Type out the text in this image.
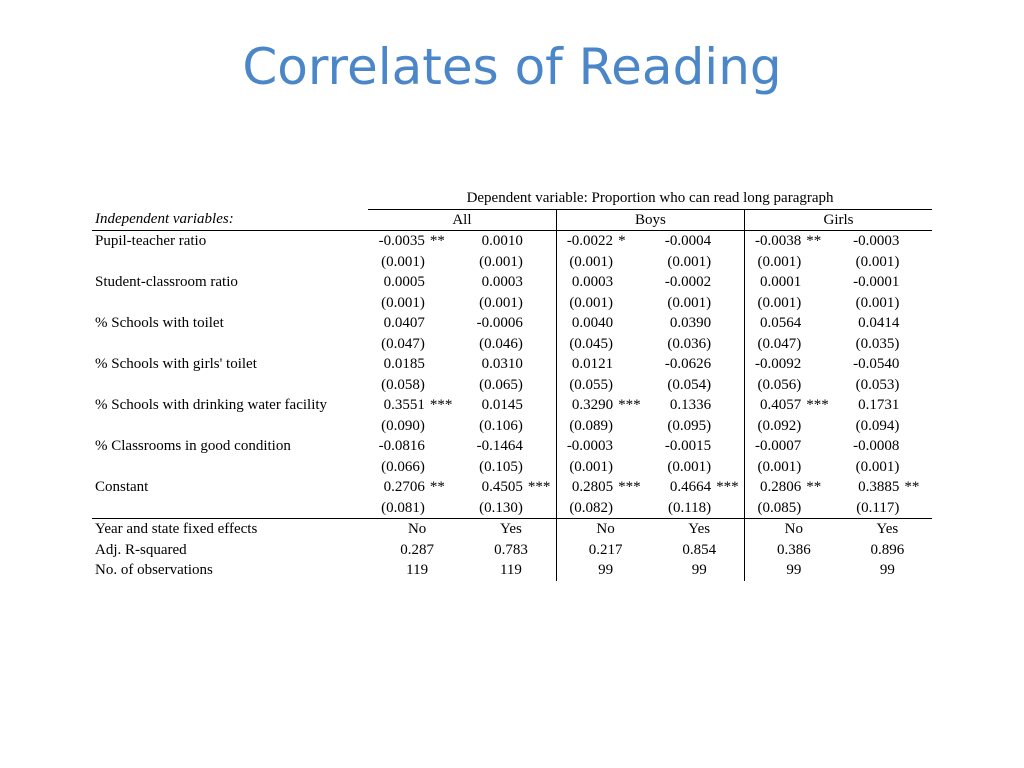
Correlates of Reading
		Dependent variable: Proportion who can read long paragraph											
Independent variables:		All				Boys				Girls			
Pupil-teacher ratio		-0.0035	**	0.0010		-0.0022	*	-0.0004		-0.0038	**	-0.0003	
		(0.001)		(0.001)		(0.001)		(0.001)		(0.001)		(0.001)	
Student-classroom ratio		0.0005		0.0003		0.0003		-0.0002		0.0001		-0.0001	
		(0.001)		(0.001)		(0.001)		(0.001)		(0.001)		(0.001)	
% Schools with toilet		0.0407		-0.0006		0.0040		0.0390		0.0564		0.0414	
		(0.047)		(0.046)		(0.045)		(0.036)		(0.047)		(0.035)	
% Schools with girls' toilet		0.0185		0.0310		0.0121		-0.0626		-0.0092		-0.0540	
		(0.058)		(0.065)		(0.055)		(0.054)		(0.056)		(0.053)	
% Schools with drinking water facility		0.3551	***	0.0145		0.3290	***	0.1336		0.4057	***	0.1731	
		(0.090)		(0.106)		(0.089)		(0.095)		(0.092)		(0.094)	
% Classrooms in good condition		-0.0816		-0.1464		-0.0003		-0.0015		-0.0007		-0.0008	
		(0.066)		(0.105)		(0.001)		(0.001)		(0.001)		(0.001)	
Constant		0.2706	**	0.4505	***	0.2805	***	0.4664	***	0.2806	**	0.3885	**
		(0.081)		(0.130)		(0.082)		(0.118)		(0.085)		(0.117)	
Year and state fixed effects		No		Yes		No		Yes		No		Yes	
Adj. R-squared		0.287		0.783		0.217		0.854		0.386		0.896	
No. of observations		119		119		99		99		99		99	
